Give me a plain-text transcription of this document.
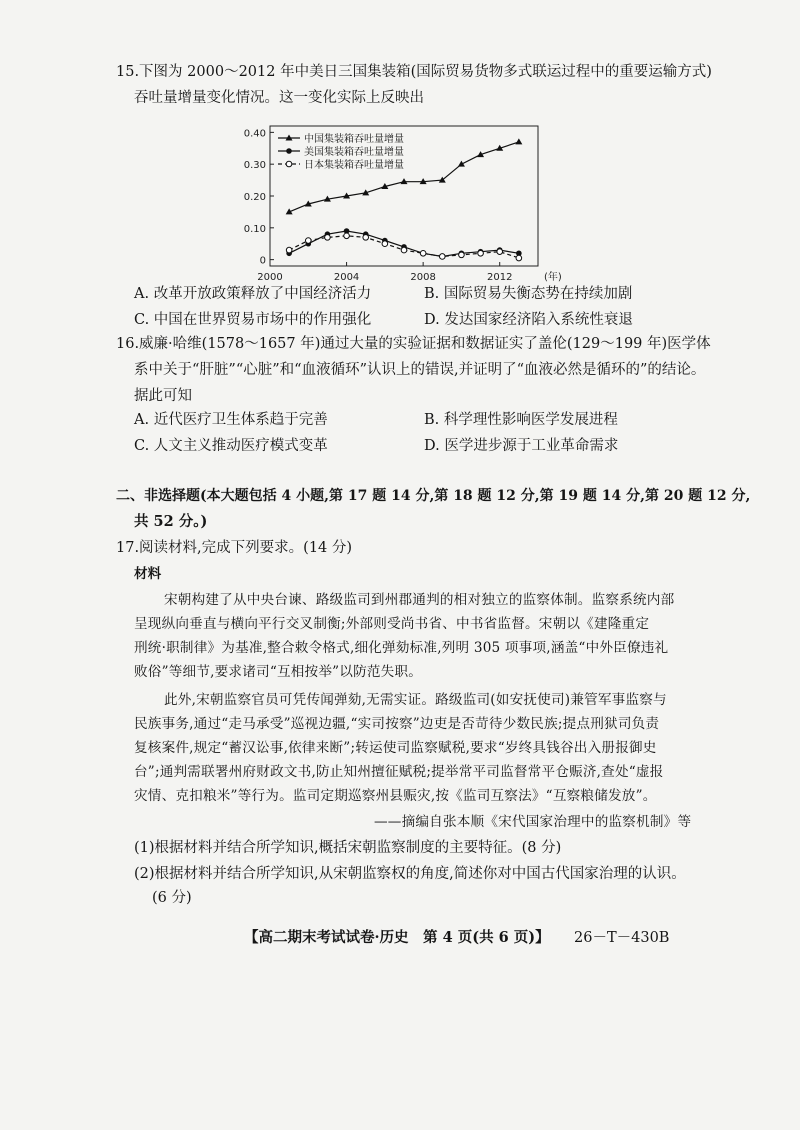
15.下图为 2000～2012 年中美日三国集装箱(国际贸易货物多式联运过程中的重要运输方式)
吞吐量增量变化情况。这一变化实际上反映出
0
0.10
0.20
0.30
0.40
2000	2004	2008	2012	(年)
中国集装箱吞吐量增量
美国集装箱吞吐量增量
日本集装箱吞吐量增量
A. 改革开放政策释放了中国经济活力	B. 国际贸易失衡态势在持续加剧
C. 中国在世界贸易市场中的作用强化	D. 发达国家经济陷入系统性衰退
16.威廉·哈维(1578～1657 年)通过大量的实验证据和数据证实了盖伦(129～199 年)医学体
系中关于“肝脏”“心脏”和“血液循环”认识上的错误,并证明了“血液必然是循环的”的结论。
据此可知
A. 近代医疗卫生体系趋于完善	B. 科学理性影响医学发展进程
C. 人文主义推动医疗模式变革	D. 医学进步源于工业革命需求
二、非选择题(本大题包括 4 小题,第 17 题 14 分,第 18 题 12 分,第 19 题 14 分,第 20 题 12 分,
共 52 分。)
17.阅读材料,完成下列要求。(14 分)
材料
宋朝构建了从中央台谏、路级监司到州郡通判的相对独立的监察体制。监察系统内部
呈现纵向垂直与横向平行交叉制衡;外部则受尚书省、中书省监督。宋朝以《建隆重定
刑统·职制律》为基准,整合敕令格式,细化弹劾标准,列明 305 项事项,涵盖“中外臣僚违礼
败俗”等细节,要求诸司“互相按举”以防范失职。
此外,宋朝监察官员可凭传闻弹劾,无需实证。路级监司(如安抚使司)兼管军事监察与
民族事务,通过“走马承受”巡视边疆,“实司按察”边吏是否苛待少数民族;提点刑狱司负责
复核案件,规定“蓄汉讼事,依律来断”;转运使司监察赋税,要求“岁终具钱谷出入册报御史
台”;通判需联署州府财政文书,防止知州擅征赋税;提举常平司监督常平仓赈济,查处“虚报
灾情、克扣粮米”等行为。监司定期巡察州县赈灾,按《监司互察法》“互察粮储发放”。
——摘编自张本顺《宋代国家治理中的监察机制》等
(1)根据材料并结合所学知识,概括宋朝监察制度的主要特征。(8 分)
(2)根据材料并结合所学知识,从宋朝监察权的角度,简述你对中国古代国家治理的认识。
(6 分)
【高二期末考试试卷·历史　第 4 页(共 6 页)】 26－T－430B
